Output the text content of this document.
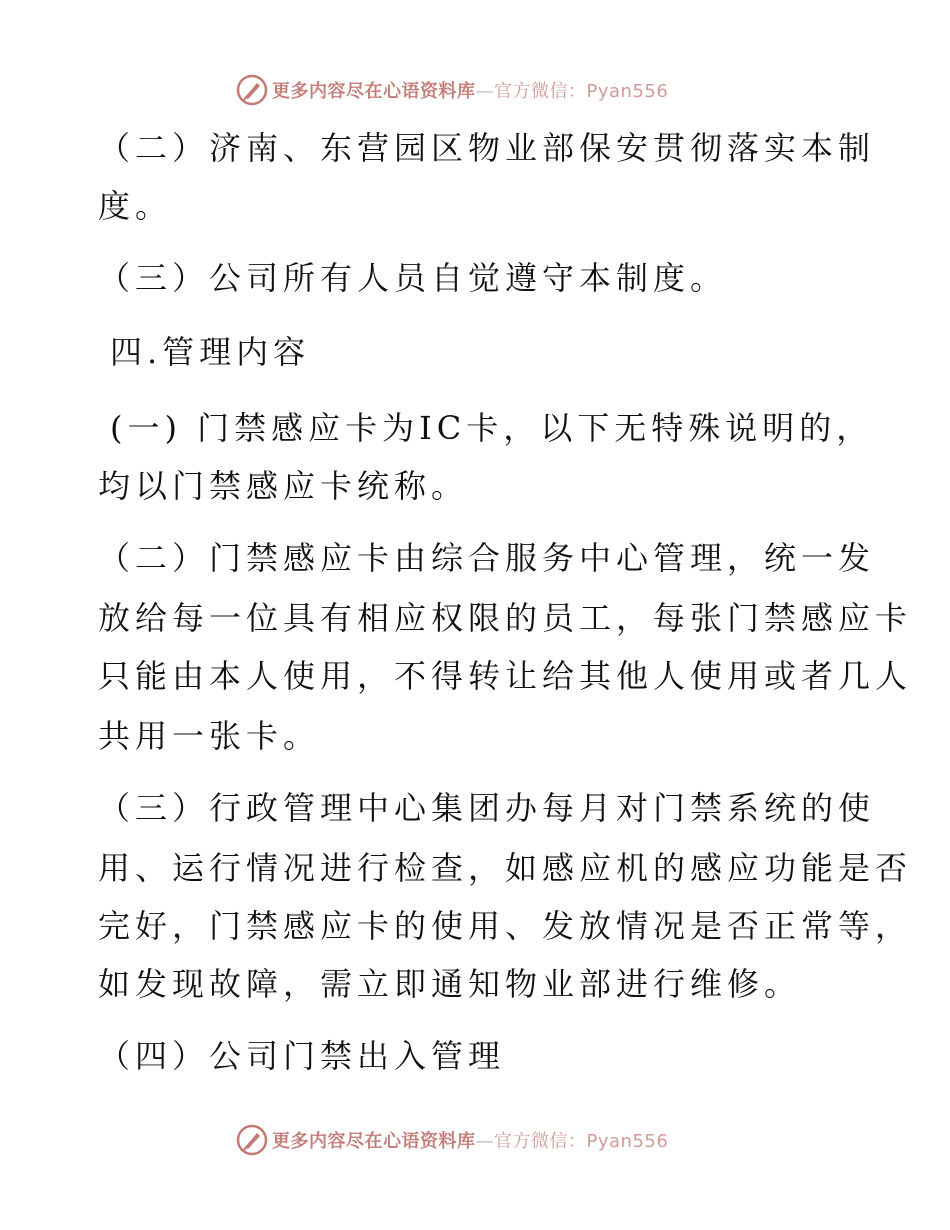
更多内容尽在心语资料库—官方微信：Pyan556
（二）济南、东营园区物业部保安贯彻落实本制
度。
（三）公司所有人员自觉遵守本制度。
四.管理内容
(一) 门禁感应卡为IC卡，以下无特殊说明的，
均以门禁感应卡统称。
（二）门禁感应卡由综合服务中心管理，统一发
放给每一位具有相应权限的员工，每张门禁感应卡
只能由本人使用，不得转让给其他人使用或者几人
共用一张卡。
（三）行政管理中心集团办每月对门禁系统的使
用、运行情况进行检查，如感应机的感应功能是否
完好，门禁感应卡的使用、发放情况是否正常等，
如发现故障，需立即通知物业部进行维修。
（四）公司门禁出入管理
更多内容尽在心语资料库—官方微信：Pyan556
